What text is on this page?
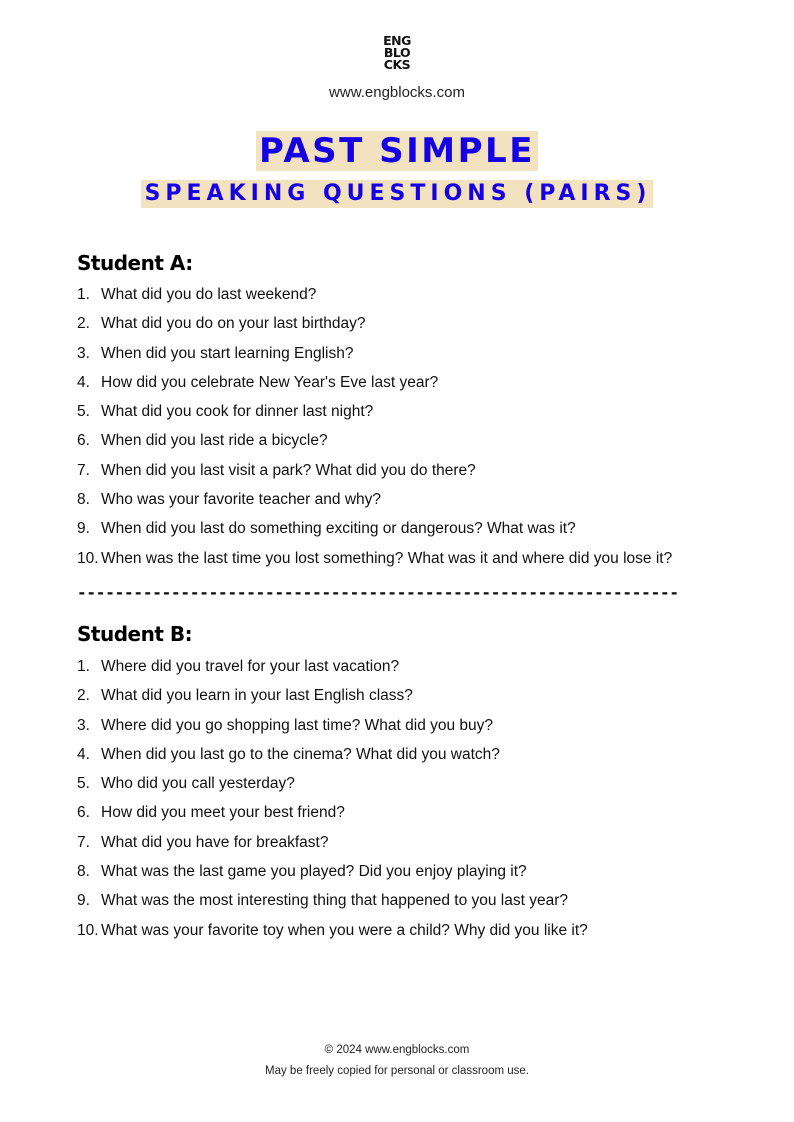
ENG
BLO
CKS
www.engblocks.com
PAST SIMPLE
SPEAKING QUESTIONS (PAIRS)
Student A:
1. What did you do last weekend?
2. What did you do on your last birthday?
3. When did you start learning English?
4. How did you celebrate New Year's Eve last year?
5. What did you cook for dinner last night?
6. When did you last ride a bicycle?
7. When did you last visit a park? What did you do there?
8. Who was your favorite teacher and why?
9. When did you last do something exciting or dangerous? What was it?
10. When was the last time you lost something? What was it and where did you lose it?
----------------------------------------------------------------
Student B:
1. Where did you travel for your last vacation?
2. What did you learn in your last English class?
3. Where did you go shopping last time? What did you buy?
4. When did you last go to the cinema? What did you watch?
5. Who did you call yesterday?
6. How did you meet your best friend?
7. What did you have for breakfast?
8. What was the last game you played? Did you enjoy playing it?
9. What was the most interesting thing that happened to you last year?
10. What was your favorite toy when you were a child? Why did you like it?
© 2024 www.engblocks.com
May be freely copied for personal or classroom use.
